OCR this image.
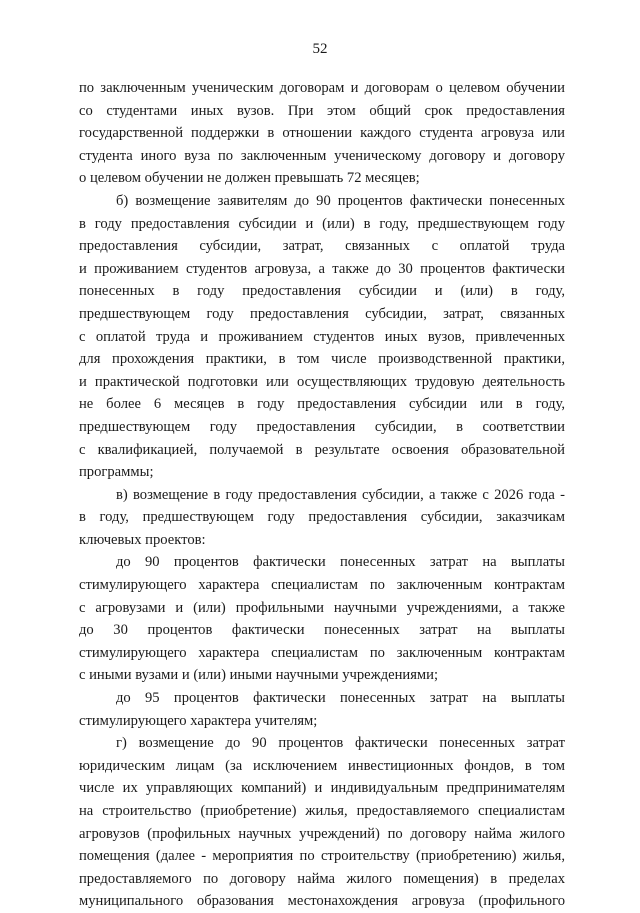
52
по заключенным ученическим договорам и договорам о целевом обучении
со студентами иных вузов. При этом общий срок предоставления
государственной поддержки в отношении каждого студента агровуза или
студента иного вуза по заключенным ученическому договору и договору
о целевом обучении не должен превышать 72 месяцев;
б) возмещение заявителям до 90 процентов фактически понесенных
в году предоставления субсидии и (или) в году, предшествующем году
предоставления субсидии, затрат, связанных с оплатой труда
и проживанием студентов агровуза, а также до 30 процентов фактически
понесенных в году предоставления субсидии и (или) в году,
предшествующем году предоставления субсидии, затрат, связанных
с оплатой труда и проживанием студентов иных вузов, привлеченных
для прохождения практики, в том числе производственной практики,
и практической подготовки или осуществляющих трудовую деятельность
не более 6 месяцев в году предоставления субсидии или в году,
предшествующем году предоставления субсидии, в соответствии
с квалификацией, получаемой в результате освоения образовательной
программы;
в) возмещение в году предоставления субсидии, а также с 2026 года -
в году, предшествующем году предоставления субсидии, заказчикам
ключевых проектов:
до 90 процентов фактически понесенных затрат на выплаты
стимулирующего характера специалистам по заключенным контрактам
с агровузами и (или) профильными научными учреждениями, а также
до 30 процентов фактически понесенных затрат на выплаты
стимулирующего характера специалистам по заключенным контрактам
с иными вузами и (или) иными научными учреждениями;
до 95 процентов фактически понесенных затрат на выплаты
стимулирующего характера учителям;
г) возмещение до 90 процентов фактически понесенных затрат
юридическим лицам (за исключением инвестиционных фондов, в том
числе их управляющих компаний) и индивидуальным предпринимателям
на строительство (приобретение) жилья, предоставляемого специалистам
агровузов (профильных научных учреждений) по договору найма жилого
помещения (далее - мероприятия по строительству (приобретению) жилья,
предоставляемого по договору найма жилого помещения) в пределах
муниципального образования местонахождения агровуза (профильного
